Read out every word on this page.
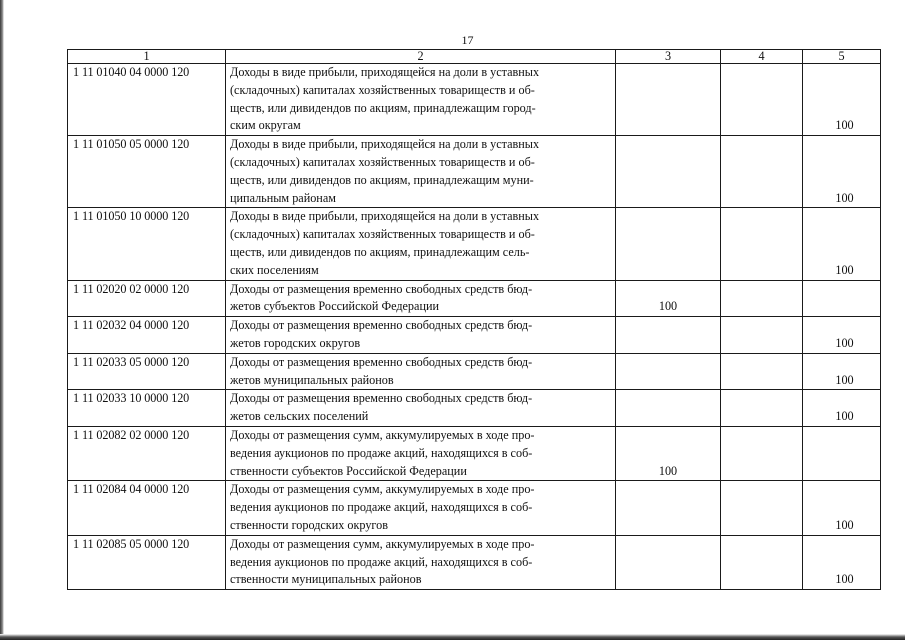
17
1	2	3	4	5
1 11 01040 04 0000 120	Доходы в виде прибыли, приходящейся на доли в уставных
(складочных) капиталах хозяйственных товариществ и об-
ществ, или дивидендов по акциям, принадлежащим город-
ским округам			100
1 11 01050 05 0000 120	Доходы в виде прибыли, приходящейся на доли в уставных
(складочных) капиталах хозяйственных товариществ и об-
ществ, или дивидендов по акциям, принадлежащим муни-
ципальным районам			100
1 11 01050 10 0000 120	Доходы в виде прибыли, приходящейся на доли в уставных
(складочных) капиталах хозяйственных товариществ и об-
ществ, или дивидендов по акциям, принадлежащим сель-
ских поселениям			100
1 11 02020 02 0000 120	Доходы от размещения временно свободных средств бюд-
жетов субъектов Российской Федерации	100		
1 11 02032 04 0000 120	Доходы от размещения временно свободных средств бюд-
жетов городских округов			100
1 11 02033 05 0000 120	Доходы от размещения временно свободных средств бюд-
жетов муниципальных районов			100
1 11 02033 10 0000 120	Доходы от размещения временно свободных средств бюд-
жетов сельских поселений			100
1 11 02082 02 0000 120	Доходы от размещения сумм, аккумулируемых в ходе про-
ведения аукционов по продаже акций, находящихся в соб-
ственности субъектов Российской Федерации	100		
1 11 02084 04 0000 120	Доходы от размещения сумм, аккумулируемых в ходе про-
ведения аукционов по продаже акций, находящихся в соб-
ственности городских округов			100
1 11 02085 05 0000 120	Доходы от размещения сумм, аккумулируемых в ходе про-
ведения аукционов по продаже акций, находящихся в соб-
ственности муниципальных районов			100
